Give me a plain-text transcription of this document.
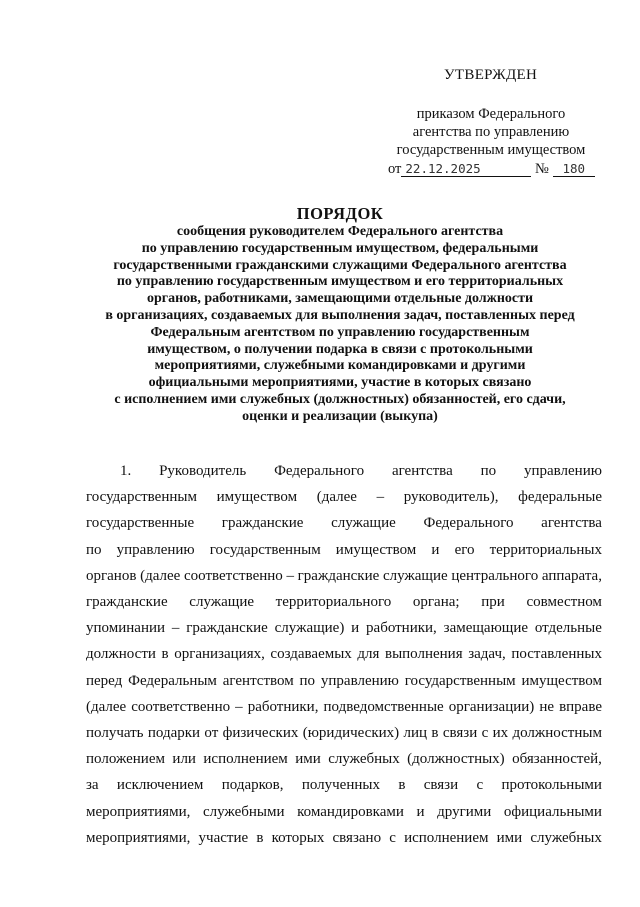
УТВЕРЖДЕН
приказом Федерального
агентства по управлению
государственным имуществом
от 22.12.2025	№ 180
ПОРЯДОК
сообщения руководителем Федерального агентства
по управлению государственным имуществом, федеральными
государственными гражданскими служащими Федерального агентства
по управлению государственным имуществом и его территориальных
органов, работниками, замещающими отдельные должности
в организациях, создаваемых для выполнения задач, поставленных перед
Федеральным агентством по управлению государственным
имуществом, о получении подарка в связи с протокольными
мероприятиями, служебными командировками и другими
официальными мероприятиями, участие в которых связано
с исполнением ими служебных (должностных) обязанностей, его сдачи,
оценки и реализации (выкупа)
1. Руководитель Федерального агентства по управлению
государственным имуществом (далее – руководитель), федеральные
государственные гражданские служащие Федерального агентства
по управлению государственным имуществом и его территориальных
органов (далее соответственно – гражданские служащие центрального аппарата,
гражданские служащие территориального органа; при совместном
упоминании – гражданские служащие) и работники, замещающие отдельные
должности в организациях, создаваемых для выполнения задач, поставленных
перед Федеральным агентством по управлению государственным имуществом
(далее соответственно – работники, подведомственные организации) не вправе
получать подарки от физических (юридических) лиц в связи с их должностным
положением или исполнением ими служебных (должностных) обязанностей,
за исключением подарков, полученных в связи с протокольными
мероприятиями, служебными командировками и другими официальными
мероприятиями, участие в которых связано с исполнением ими служебных
